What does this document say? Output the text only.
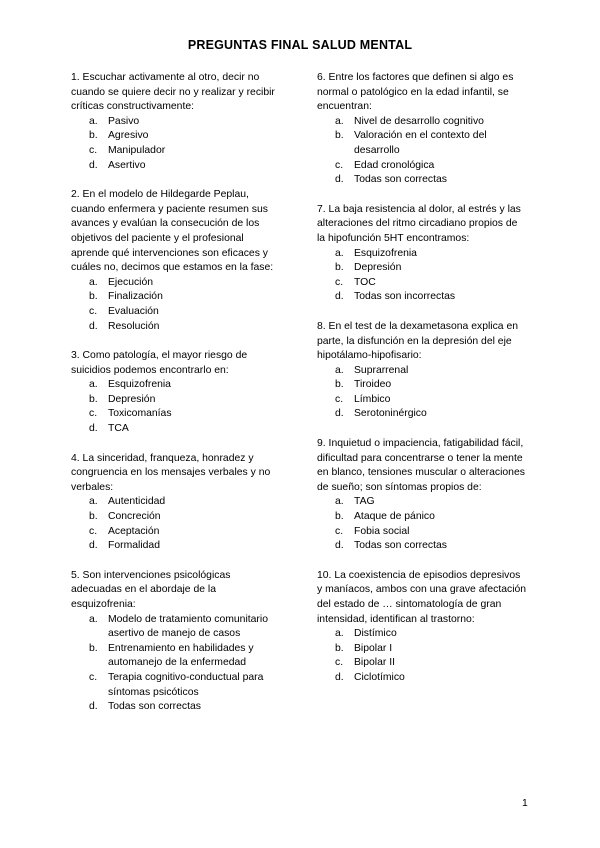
PREGUNTAS FINAL SALUD MENTAL
1. Escuchar activamente al otro, decir no cuando se quiere decir no y realizar y recibir críticas constructivamente:
a. Pasivo
b. Agresivo
c. Manipulador
d. Asertivo
2. En el modelo de Hildegarde Peplau, cuando enfermera y paciente resumen sus avances y evalúan la consecución de los objetivos del paciente y el profesional aprende qué intervenciones son eficaces y cuáles no, decimos que estamos en la fase:
a. Ejecución
b. Finalización
c. Evaluación
d. Resolución
3. Como patología, el mayor riesgo de suicidios podemos encontrarlo en:
a. Esquizofrenia
b. Depresión
c. Toxicomanías
d. TCA
4. La sinceridad, franqueza, honradez y congruencia en los mensajes verbales y no verbales:
a. Autenticidad
b. Concreción
c. Aceptación
d. Formalidad
5. Son intervenciones psicológicas adecuadas en el abordaje de la esquizofrenia:
a. Modelo de tratamiento comunitario asertivo de manejo de casos
b. Entrenamiento en habilidades y automanejo de la enfermedad
c. Terapia cognitivo-conductual para síntomas psicóticos
d. Todas son correctas
6. Entre los factores que definen si algo es normal o patológico en la edad infantil, se encuentran:
a. Nivel de desarrollo cognitivo
b. Valoración en el contexto del desarrollo
c. Edad cronológica
d. Todas son correctas
7. La baja resistencia al dolor, al estrés y las alteraciones del ritmo circadiano propios de la hipofunción 5HT encontramos:
a. Esquizofrenia
b. Depresión
c. TOC
d. Todas son incorrectas
8. En el test de la dexametasona explica en parte, la disfunción en la depresión del eje hipotálamo-hipofisario:
a. Suprarrenal
b. Tiroideo
c. Límbico
d. Serotoninérgico
9. Inquietud o impaciencia, fatigabilidad fácil, dificultad para concentrarse o tener la mente en blanco, tensiones muscular o alteraciones de sueño; son síntomas propios de:
a. TAG
b. Ataque de pánico
c. Fobia social
d. Todas son correctas
10. La coexistencia de episodios depresivos y maníacos, ambos con una grave afectación del estado de … sintomatología de gran intensidad, identifican al trastorno:
a. Distímico
b. Bipolar I
c. Bipolar II
d. Ciclotímico
1
